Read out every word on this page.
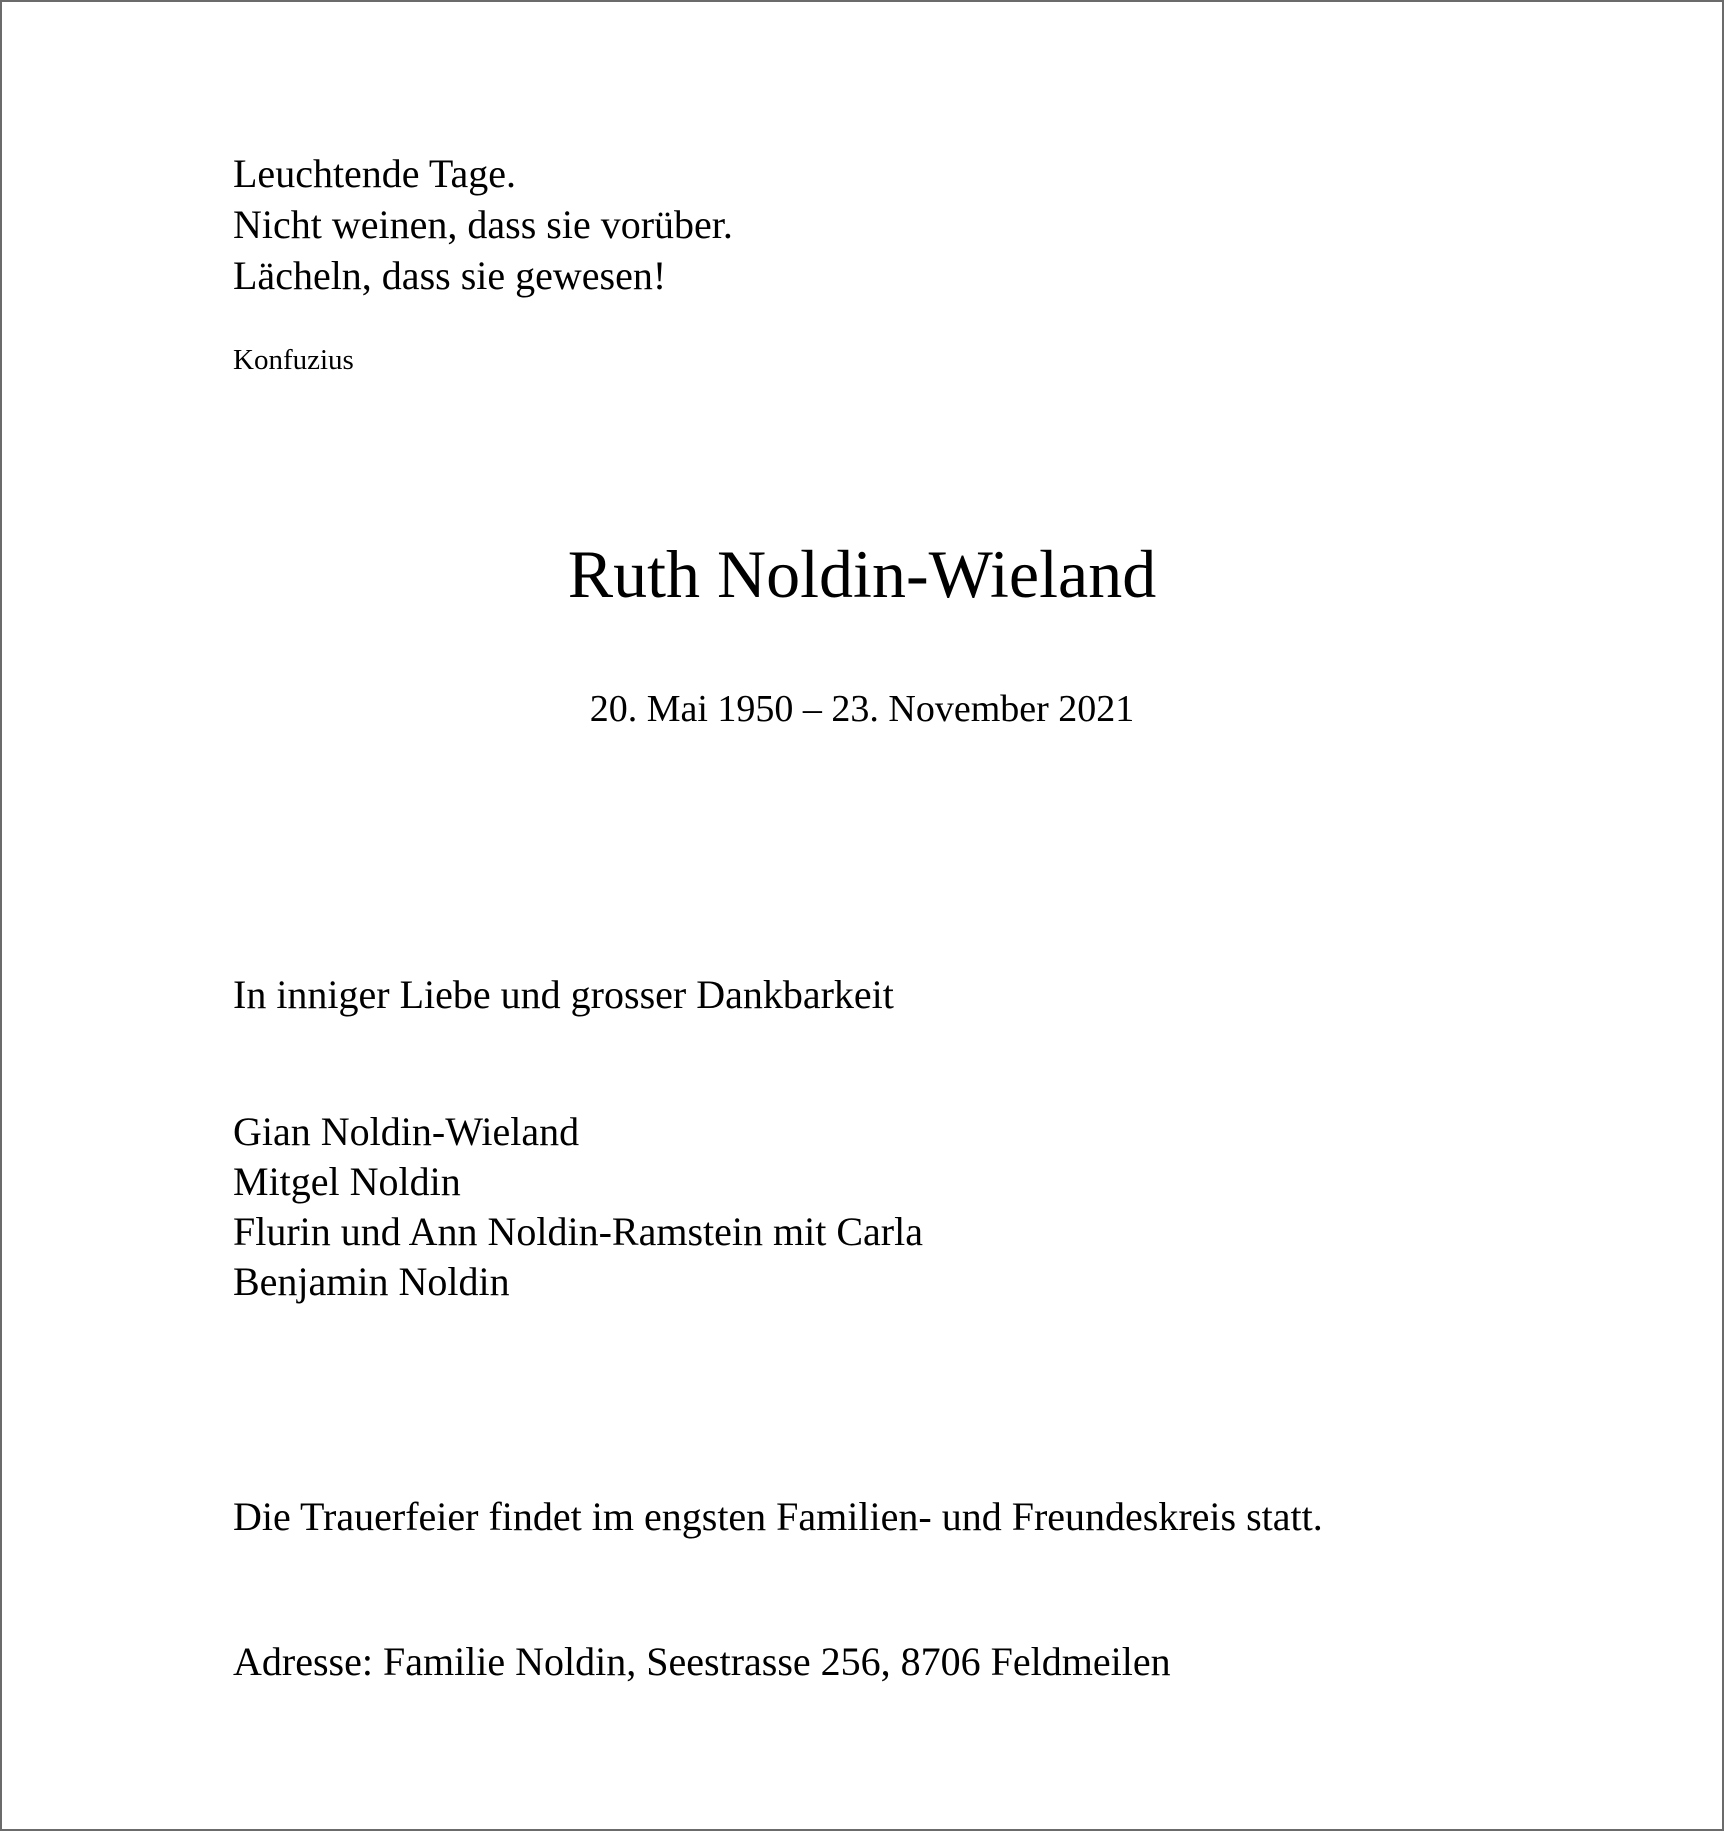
Leuchtende Tage.
Nicht weinen, dass sie vorüber.
Lächeln, dass sie gewesen!

Konfuzius

Ruth Noldin-Wieland

20. Mai 1950 – 23. November 2021

In inniger Liebe und grosser Dankbarkeit

Gian Noldin-Wieland
Mitgel Noldin
Flurin und Ann Noldin-Ramstein mit Carla
Benjamin Noldin

Die Trauerfeier findet im engsten Familien- und Freundeskreis statt.

Adresse: Familie Noldin, Seestrasse 256, 8706 Feldmeilen
